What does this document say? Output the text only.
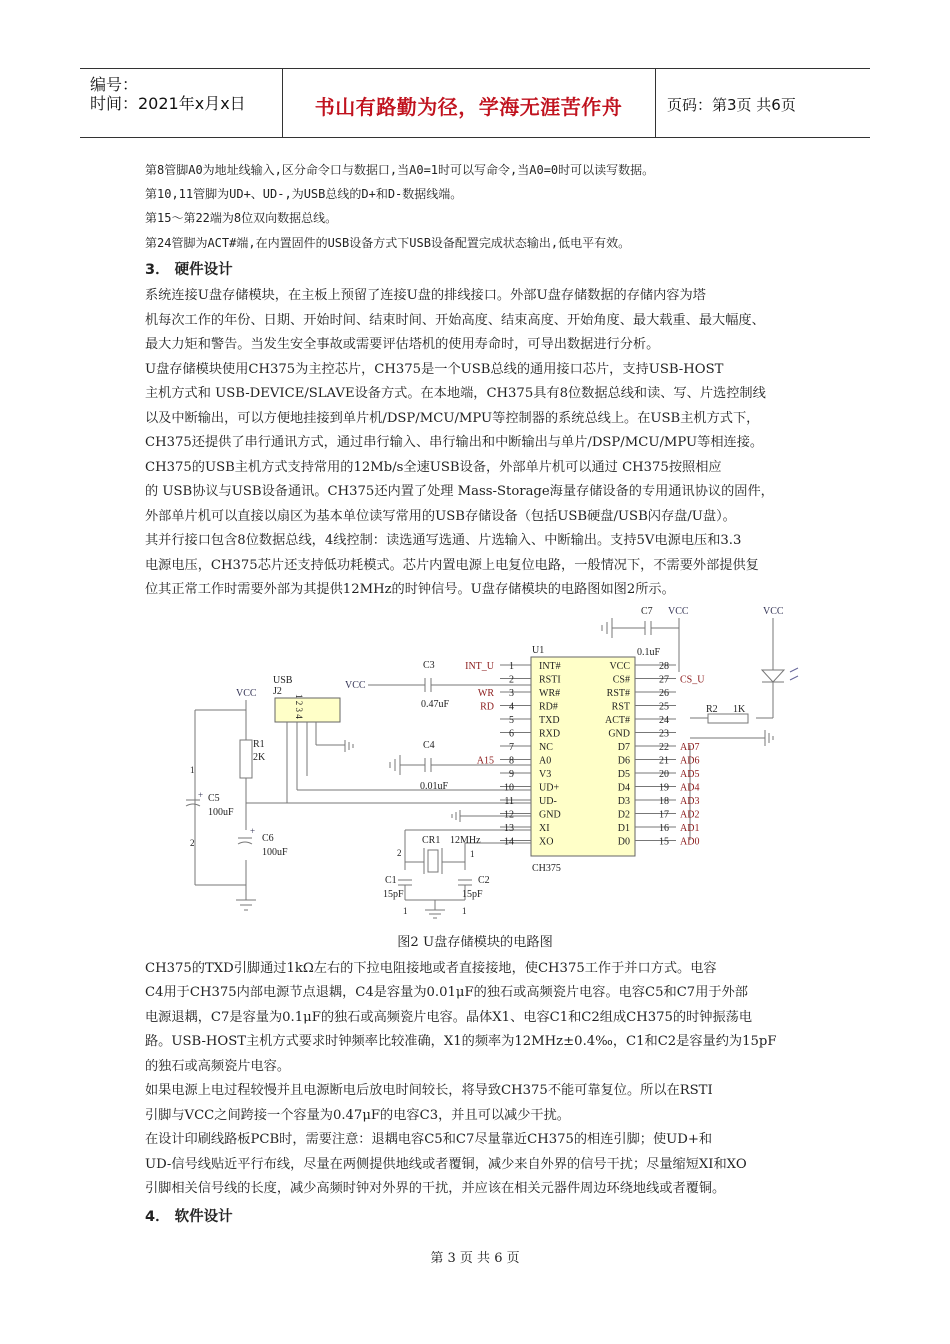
编号：
时间：2021年x月x日	书山有路勤为径，学海无涯苦作舟	页码：第3页 共6页
第8管脚A0为地址线输入,区分命令口与数据口,当A0=1时可以写命令,当A0=0时可以读写数据。
第10,11管脚为UD+、UD-,为USB总线的D+和D-数据线端。
第15～第22端为8位双向数据总线。
第24管脚为ACT#端,在内置固件的USB设备方式下USB设备配置完成状态输出,低电平有效。
3． 硬件设计
系统连接U盘存储模块，在主板上预留了连接U盘的排线接口。外部U盘存储数据的存储内容为塔
机每次工作的年份、日期、开始时间、结束时间、开始高度、结束高度、开始角度、最大载重、最大幅度、
最大力矩和警告。当发生安全事故或需要评估塔机的使用寿命时，可导出数据进行分析。
U盘存储模块使用CH375为主控芯片，CH375是一个USB总线的通用接口芯片，支持USB-HOST
主机方式和 USB-DEVICE/SLAVE设备方式。在本地端，CH375具有8位数据总线和读、写、片选控制线
以及中断输出，可以方便地挂接到单片机/DSP/MCU/MPU等控制器的系统总线上。在USB主机方式下，
CH375还提供了串行通讯方式，通过串行输入、串行输出和中断输出与单片/DSP/MCU/MPU等相连接。
CH375的USB主机方式支持常用的12Mb/s全速USB设备，外部单片机可以通过 CH375按照相应
的 USB协议与USB设备通讯。CH375还内置了处理 Mass-Storage海量存储设备的专用通讯协议的固件，
外部单片机可以直接以扇区为基本单位读写常用的USB存储设备（包括USB硬盘/USB闪存盘/U盘）。
其并行接口包含8位数据总线，4线控制：读选通写选通、片选输入、中断输出。支持5V电源电压和3.3
电源电压，CH375芯片还支持低功耗模式。芯片内置电源上电复位电路，一般情况下，不需要外部提供复
位其正常工作时需要外部为其提供12MHz的时钟信号。U盘存储模块的电路图如图2所示。
1	INT#
2	RSTI
3	WR#
4	RD#
5	TXD
6	RXD
7	NC
8	A0
9	V3
10	UD+
11	UD-
12	GND
13	XI
14	XO
28
VCC
27
CS#
26
RST#
25
RST
24
ACT#
23
GND
22
D7
21
D6
20
D5
19
D4
18
D3
17
D2
16
D1
15
D0
INT_U
WR
RD
A15
CS_U
AD7
AD6
AD5
AD4
AD3
AD2
AD1
AD0
U1
CH375
USB
J2
VCC
VCC
VCC	VCC
R1
2K
R2 1K
C3
0.47uF
C4
0.01uF
C5
100uF
C6
100uF
C7
0.1uF
CR1 12MHz
C1
15pF
C2
15pF
1 2 3 4
1
2
1
2
1	1
+
+
图2 U盘存储模块的电路图
CH375的TXD引脚通过1kΩ左右的下拉电阻接地或者直接接地，使CH375工作于并口方式。电容
C4用于CH375内部电源节点退耦，C4是容量为0.01μF的独石或高频瓷片电容。电容C5和C7用于外部
电源退耦，C7是容量为0.1μF的独石或高频瓷片电容。晶体X1、电容C1和C2组成CH375的时钟振荡电
路。USB-HOST主机方式要求时钟频率比较准确，X1的频率为12MHz±0.4‰，C1和C2是容量约为15pF
的独石或高频瓷片电容。
如果电源上电过程较慢并且电源断电后放电时间较长，将导致CH375不能可靠复位。所以在RSTI
引脚与VCC之间跨接一个容量为0.47μF的电容C3，并且可以减少干扰。
在设计印刷线路板PCB时，需要注意：退耦电容C5和C7尽量靠近CH375的相连引脚；使UD+和
UD-信号线贴近平行布线，尽量在两侧提供地线或者覆铜，减少来自外界的信号干扰；尽量缩短XI和XO
引脚相关信号线的长度，减少高频时钟对外界的干扰，并应该在相关元器件周边环绕地线或者覆铜。
4． 软件设计
第 3 页 共 6 页
